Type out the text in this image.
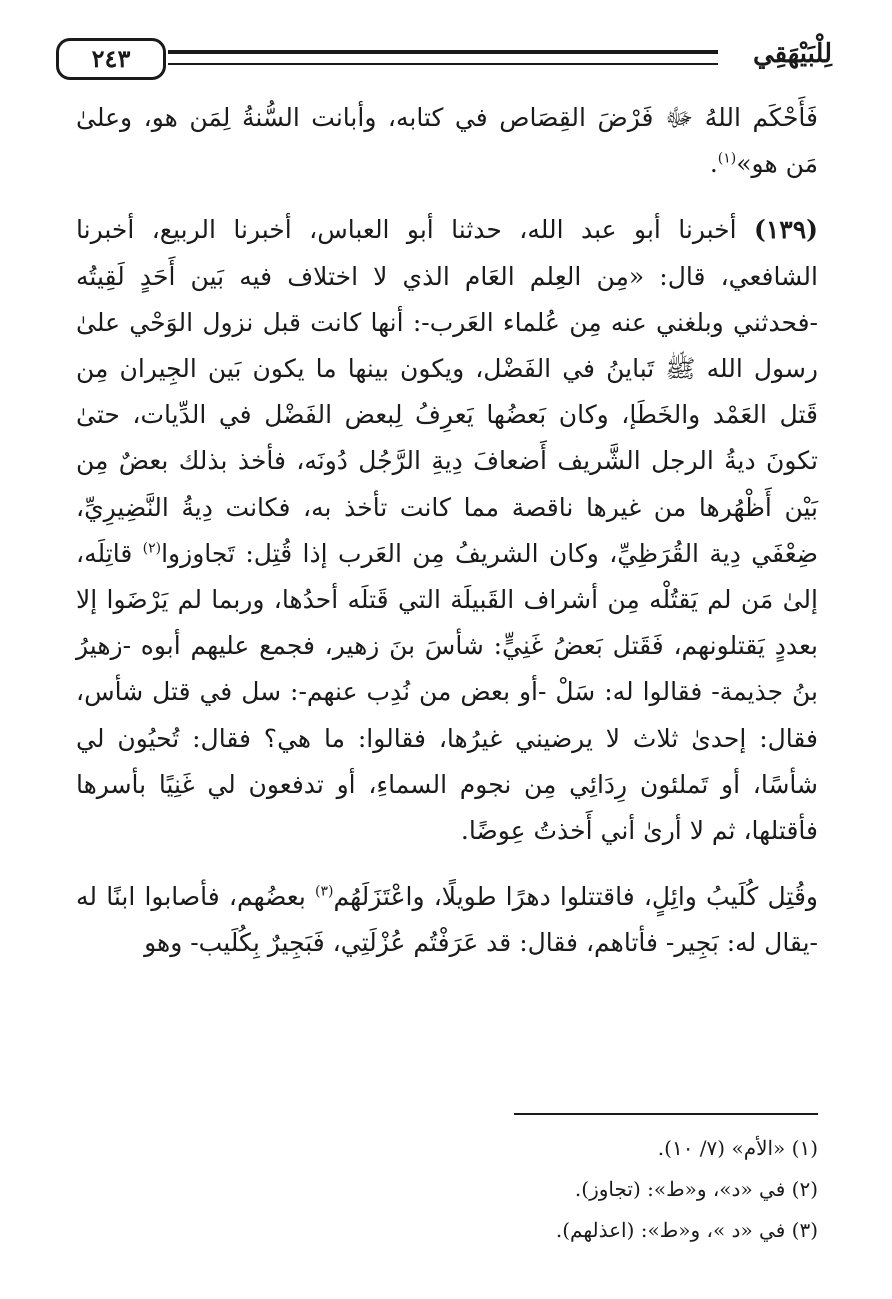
لِلْبَيْهَقِي
٢٤٣

فَأَحْكَم اللهُ ﷻ فَرْضَ القِصَاص في كتابه، وأبانت السُّنةُ لِمَن هو، وعلىٰ مَن هو»$^{(١)}$.

(١٣٩) أخبرنا أبو عبد الله، حدثنا أبو العباس، أخبرنا الربيع، أخبرنا الشافعي، قال: «مِن العِلم العَام الذي لا اختلاف فيه بَين أَحَدٍ لَقِيتُه -فحدثني وبلغني عنه مِن عُلماء العَرب-: أنها كانت قبل نزول الوَحْي علىٰ رسول الله ﷺ تَباينُ في الفَضْل، ويكون بينها ما يكون بَين الجِيران مِن قَتل العَمْد والخَطَإ، وكان بَعضُها يَعرِفُ لِبعض الفَضْل في الدِّيات، حتىٰ تكونَ ديةُ الرجل الشَّريف أَضعافَ دِيةِ الرَّجُل دُونَه، فأخذ بذلك بعضٌ مِن بَيْن أَظْهُرها من غيرها ناقصة مما كانت تأخذ به، فكانت دِيةُ النَّضِيرِيِّ، ضِعْفَي دِية القُرَظِيِّ، وكان الشريفُ مِن العَرب إذا قُتِل: تَجاوزوا$^{(٢)}$ قاتِلَه، إلىٰ مَن لم يَقتُلْه مِن أشراف القَبيلَة التي قَتلَه أحدُها، وربما لم يَرْضَوا إلا بعددٍ يَقتلونهم، فَقَتل بَعضُ غَنِيٍّ: شأسَ بنَ زهير، فجمع عليهم أبوه -زهيرُ بنُ جذيمة- فقالوا له: سَلْ -أو بعض من نُدِب عنهم-: سل في قتل شأس، فقال: إحدىٰ ثلاث لا يرضيني غيرُها، فقالوا: ما هي؟ فقال: تُحيُون لي شأسًا، أو تَملئون رِدَائِي مِن نجوم السماءِ، أو تدفعون لي غَنِيًا بأسرها فأقتلها، ثم لا أرىٰ أني أَخذتُ عِوضًا.

وقُتِل كُلَيبُ وائِلٍ، فاقتتلوا دهرًا طويلًا، واعْتَزَلَهُم$^{(٣)}$ بعضُهم، فأصابوا ابنًا له -يقال له: بَجِير- فأتاهم، فقال: قد عَرَفْتُم عُزْلَتِي، فَبَجِيرٌ بِكُلَيب- وهو

(١) «الأم» (٧/ ١٠).
(٢) في «د»، و«ط»: (تجاوز).
(٣) في «د »، و«ط»: (اعذلهم).
